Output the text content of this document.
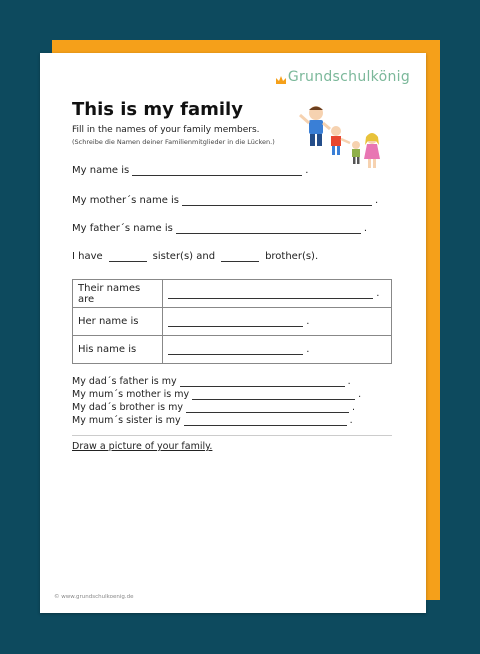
Grundschulkönig
This is my family
Fill in the names of your family members.
(Schreibe die Namen deiner Familienmitglieder in die Lücken.)
My name is	.
My mother´s name is	.
My father´s name is	.
I have	sister(s) and	brother(s).
Their names are	.
Her name is	.
His name is	.
My dad´s father is my	.
My mum´s mother is my	.
My dad´s brother is my	.
My mum´s sister is my	.
Draw a picture of your family.
© www.grundschulkoenig.de
